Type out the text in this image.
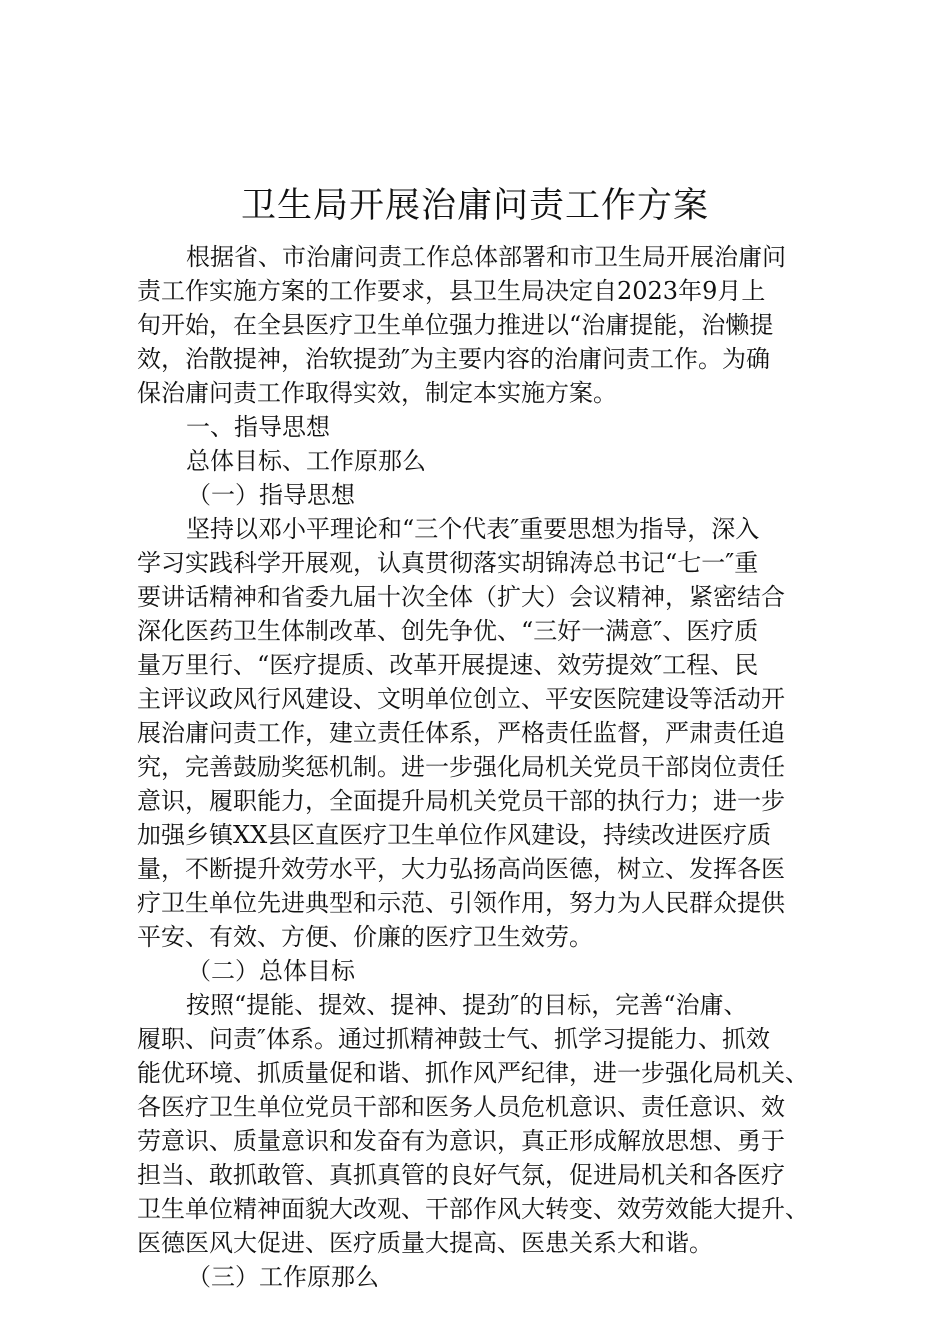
卫生局开展治庸问责工作方案

根据省、市治庸问责工作总体部署和市卫生局开展治庸问

责工作实施方案的工作要求，县卫生局决定自2023年9月上

旬开始，在全县医疗卫生单位强力推进以“治庸提能，治懒提

效，治散提神，治软提劲″为主要内容的治庸问责工作。为确

保治庸问责工作取得实效，制定本实施方案。

一、指导思想

总体目标、工作原那么

（一）指导思想

坚持以邓小平理论和“三个代表″重要思想为指导，深入

学习实践科学开展观，认真贯彻落实胡锦涛总书记“七一″重

要讲话精神和省委九届十次全体（扩大）会议精神，紧密结合

深化医药卫生体制改革、创先争优、“三好一满意″、医疗质

量万里行、“医疗提质、改革开展提速、效劳提效″工程、民

主评议政风行风建设、文明单位创立、平安医院建设等活动开

展治庸问责工作，建立责任体系，严格责任监督，严肃责任追

究，完善鼓励奖惩机制。进一步强化局机关党员干部岗位责任

意识，履职能力，全面提升局机关党员干部的执行力；进一步

加强乡镇XX县区直医疗卫生单位作风建设，持续改进医疗质

量，不断提升效劳水平，大力弘扬高尚医德，树立、发挥各医

疗卫生单位先进典型和示范、引领作用，努力为人民群众提供

平安、有效、方便、价廉的医疗卫生效劳。

（二）总体目标

按照“提能、提效、提神、提劲″的目标，完善“治庸、

履职、问责″体系。通过抓精神鼓士气、抓学习提能力、抓效

能优环境、抓质量促和谐、抓作风严纪律，进一步强化局机关、

各医疗卫生单位党员干部和医务人员危机意识、责任意识、效

劳意识、质量意识和发奋有为意识，真正形成解放思想、勇于

担当、敢抓敢管、真抓真管的良好气氛，促进局机关和各医疗

卫生单位精神面貌大改观、干部作风大转变、效劳效能大提升、

医德医风大促进、医疗质量大提高、医患关系大和谐。

（三）工作原那么
